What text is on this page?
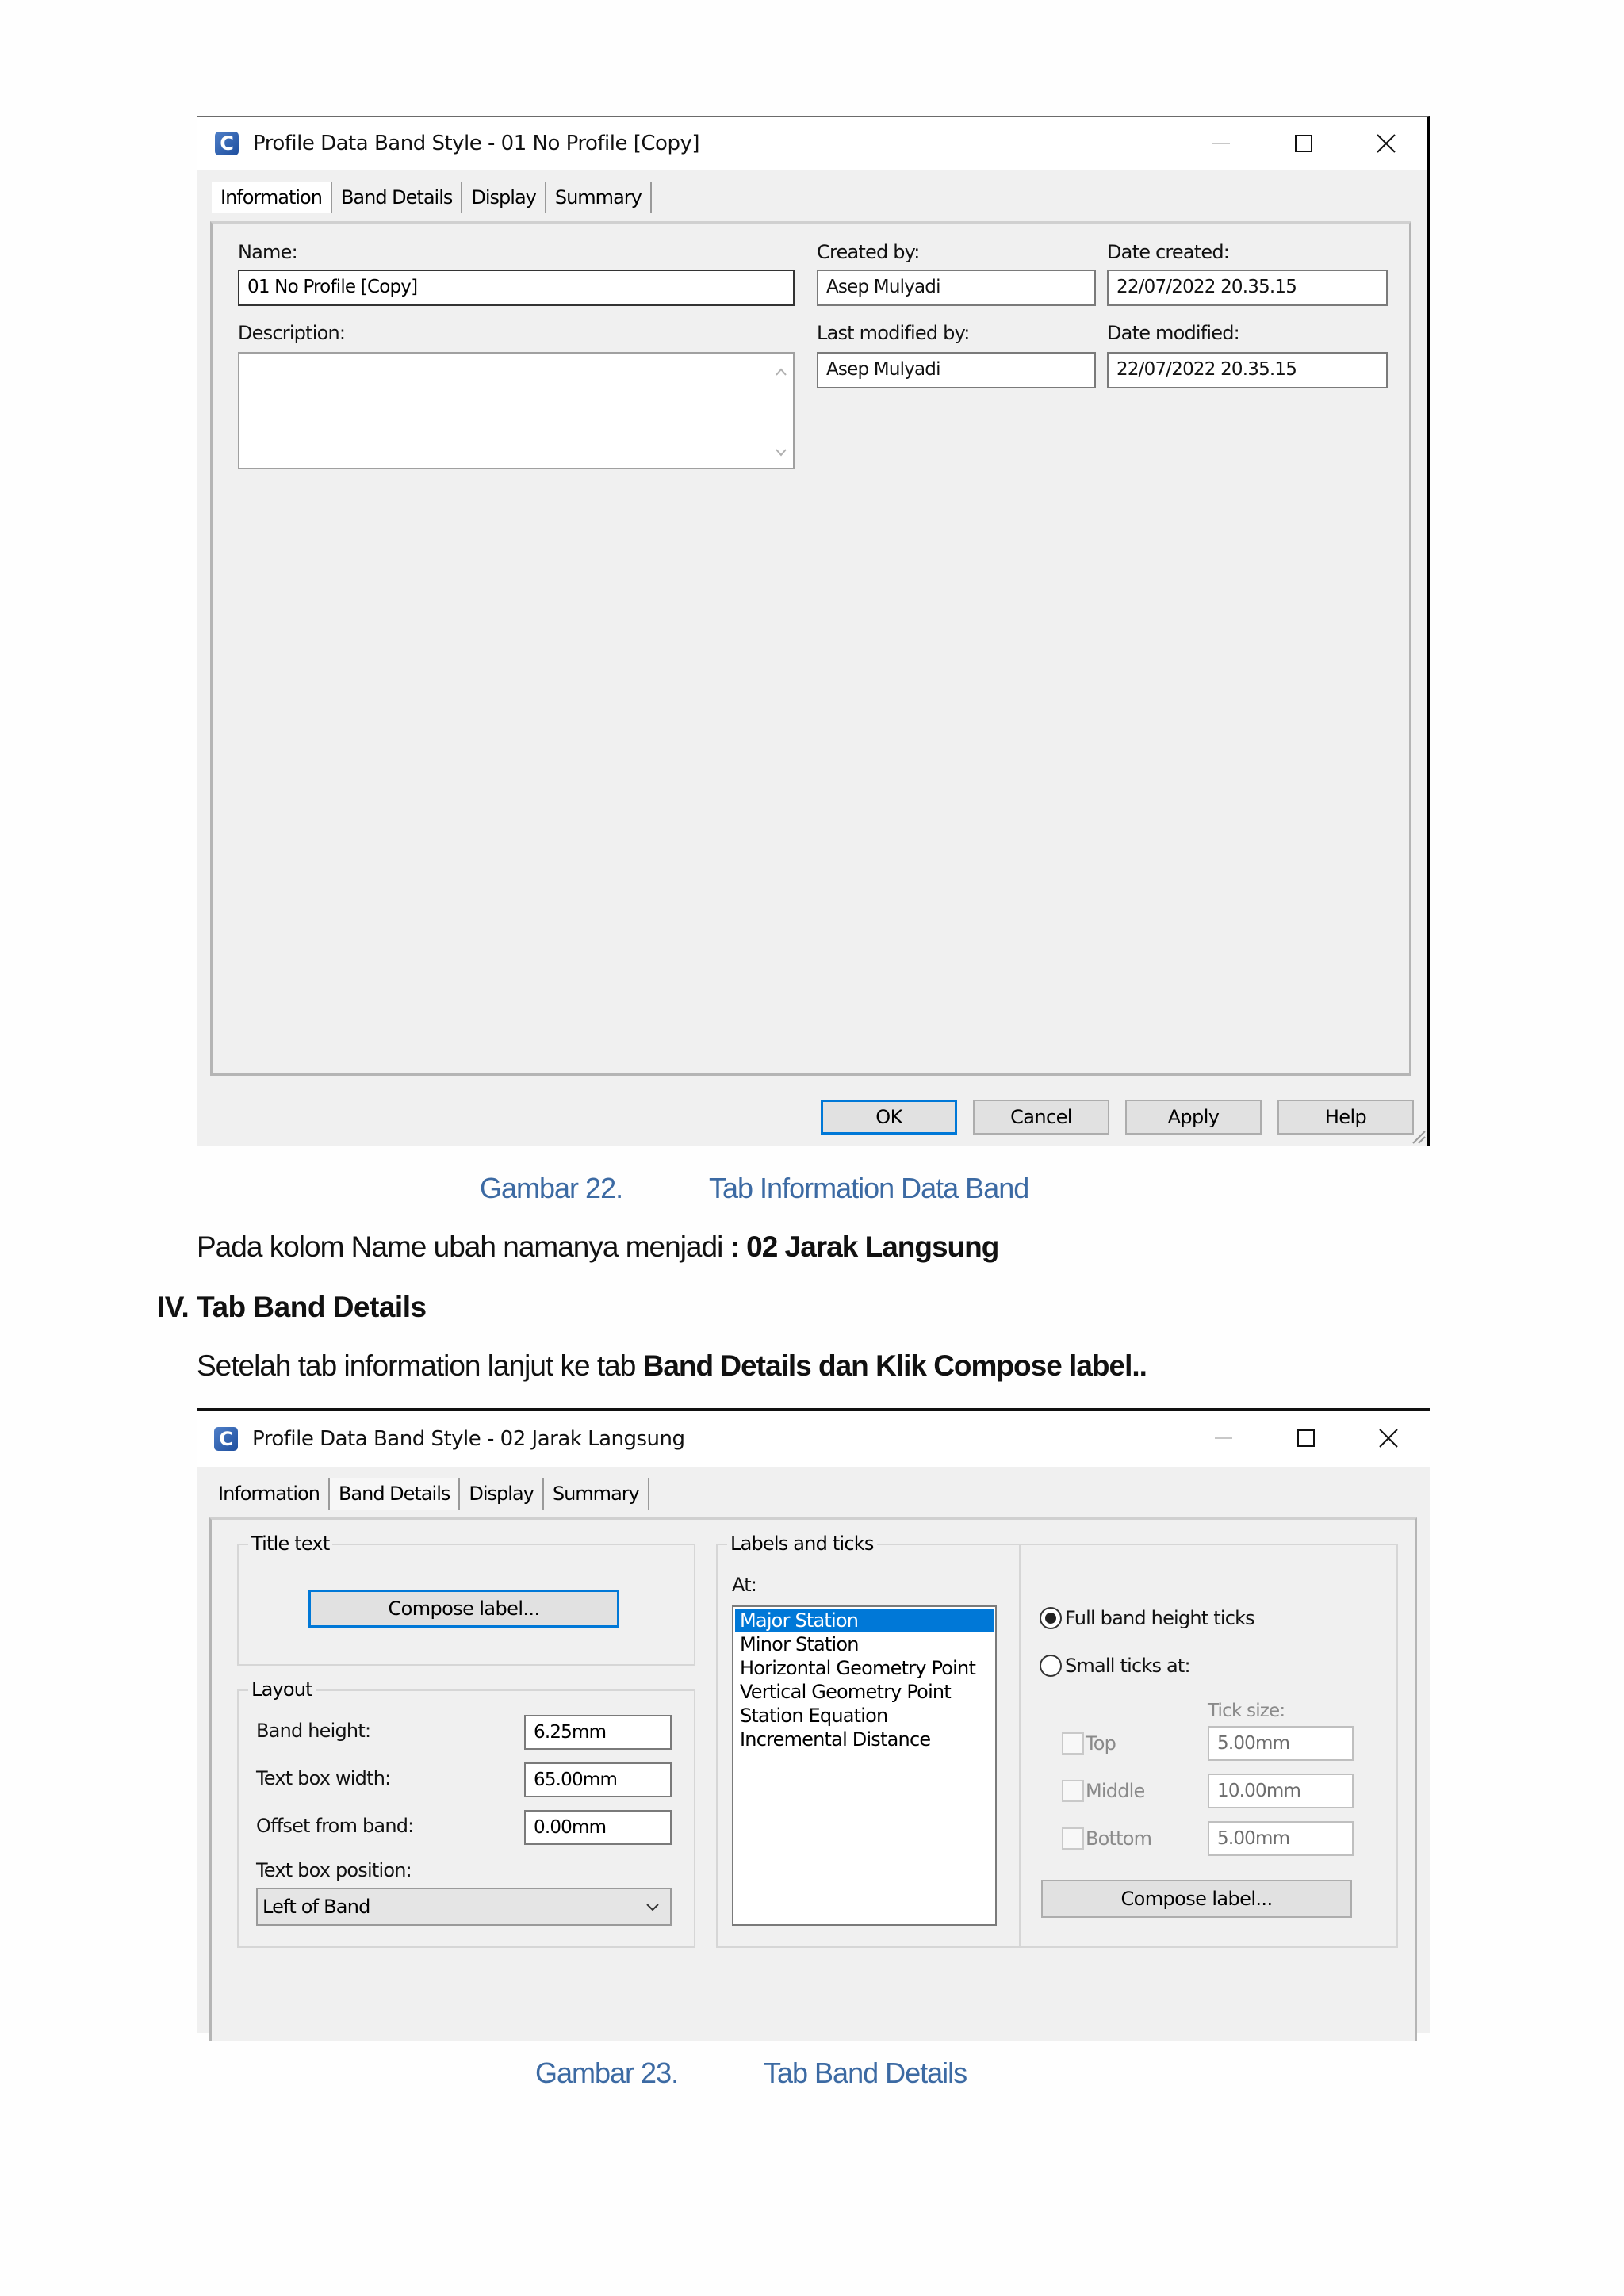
C Profile Data Band Style - 01 No Profile [Copy]
Information	Band Details	Display	Summary
Name:
01 No Profile [Copy]
Description:
Created by:
Asep Mulyadi
Date created:
22/07/2022 20.35.15
Last modified by:
Asep Mulyadi
Date modified:
22/07/2022 20.35.15
OK	Cancel	Apply	Help
Gambar 22.	Tab Information Data Band
Pada kolom Name ubah namanya menjadi : 02 Jarak Langsung
IV. Tab Band Details
Setelah tab information lanjut ke tab Band Details dan Klik Compose label..
C Profile Data Band Style - 02 Jarak Langsung
Information	Band Details	Display	Summary
Title text
Compose label...
Layout
Band height:	6.25mm
Text box width:	65.00mm
Offset from band:	0.00mm
Text box position:
Left of Band
Labels and ticks
At:
Major Station
Minor Station
Horizontal Geometry Point
Vertical Geometry Point
Station Equation
Incremental Distance
Full band height ticks
Small ticks at:
Tick size:
Top	5.00mm
Middle	10.00mm
Bottom	5.00mm
Compose label...
Gambar 23.	Tab Band Details
